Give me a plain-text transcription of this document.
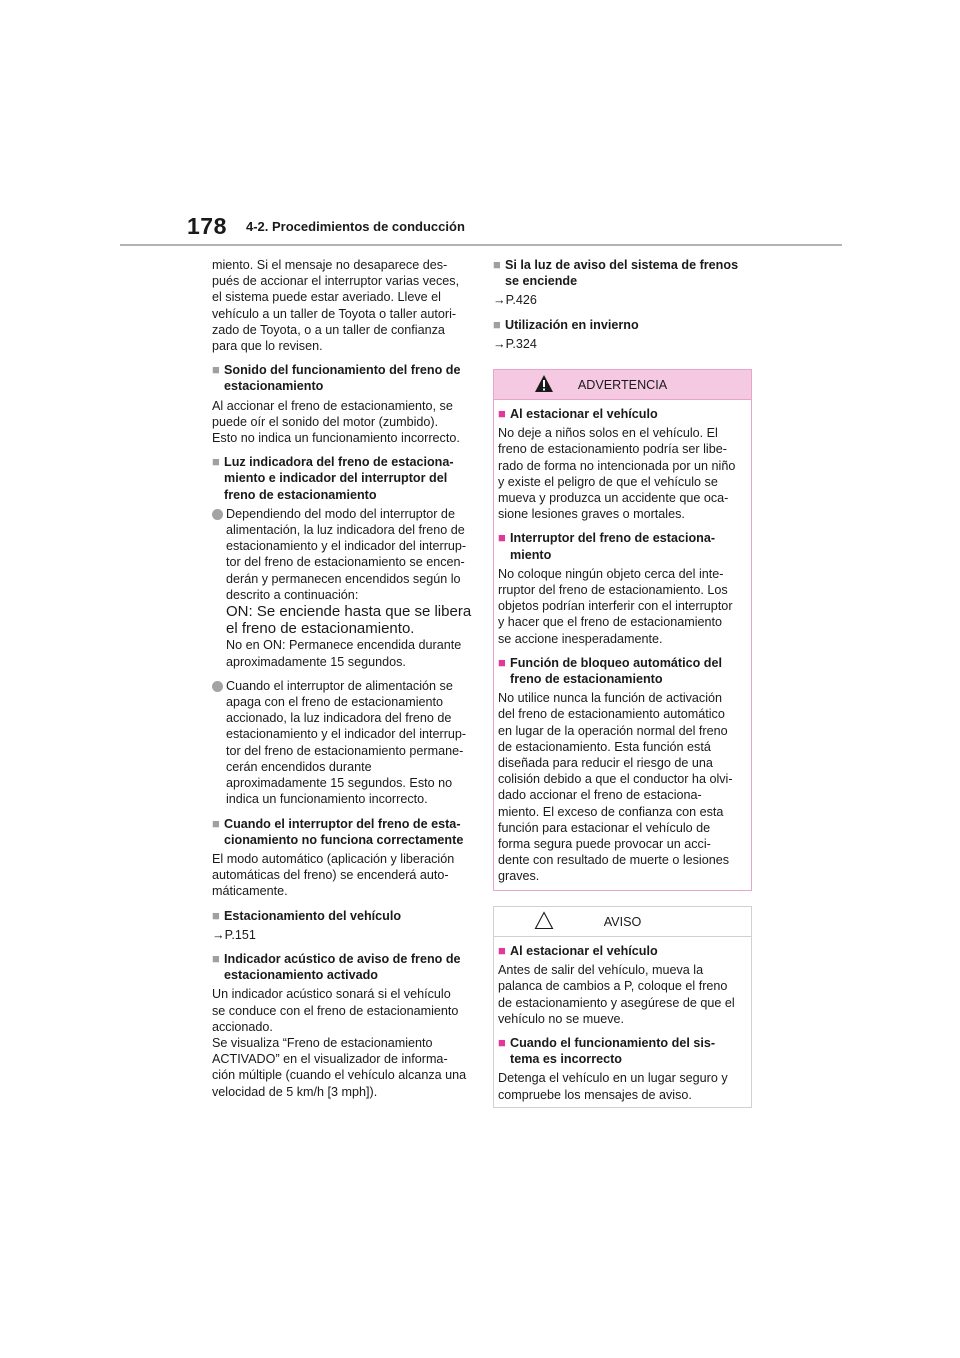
178 4-2. Procedimientos de conducción

miento. Si el mensaje no desaparece des-
pués de accionar el interruptor varias veces,
el sistema puede estar averiado. Lleve el
vehículo a un taller de Toyota o taller autori-
zado de Toyota, o a un taller de confianza
para que lo revisen.

■ Sonido del funcionamiento del freno de
estacionamiento

Al accionar el freno de estacionamiento, se
puede oír el sonido del motor (zumbido).
Esto no indica un funcionamiento incorrecto.

■ Luz indicadora del freno de estaciona-
miento e indicador del interruptor del
freno de estacionamiento
Dependiendo del modo del interruptor de
alimentación, la luz indicadora del freno de
estacionamiento y el indicador del interrup-
tor del freno de estacionamiento se encen-
derán y permanecen encendidos según lo
descrito a continuación:
ON: Se enciende hasta que se libera
el freno de estacionamiento.
No en ON: Permanece encendida durante
aproximadamente 15 segundos.
Cuando el interruptor de alimentación se
apaga con el freno de estacionamiento
accionado, la luz indicadora del freno de
estacionamiento y el indicador del interrup-
tor del freno de estacionamiento permane-
cerán encendidos durante
aproximadamente 15 segundos. Esto no
indica un funcionamiento incorrecto.
■ Cuando el interruptor del freno de esta-
cionamiento no funciona correctamente

El modo automático (aplicación y liberación
automáticas del freno) se encenderá auto-
máticamente.

■ Estacionamiento del vehículo

→P.151

■ Indicador acústico de aviso de freno de
estacionamiento activado

Un indicador acústico sonará si el vehículo
se conduce con el freno de estacionamiento
accionado.
Se visualiza “Freno de estacionamiento
ACTIVADO” en el visualizador de informa-
ción múltiple (cuando el vehículo alcanza una
velocidad de 5 km/h [3 mph]).

■ Si la luz de aviso del sistema de frenos
se enciende

→P.426

■ Utilización en invierno

→P.324

ADVERTENCIA
■ Al estacionar el vehículo

No deje a niños solos en el vehículo. El
freno de estacionamiento podría ser libe-
rado de forma no intencionada por un niño
y existe el peligro de que el vehículo se
mueva y produzca un accidente que oca-
sione lesiones graves o mortales.

■ Interruptor del freno de estaciona-
miento

No coloque ningún objeto cerca del inte-
rruptor del freno de estacionamiento. Los
objetos podrían interferir con el interruptor
y hacer que el freno de estacionamiento
se accione inesperadamente.

■ Función de bloqueo automático del
freno de estacionamiento

No utilice nunca la función de activación
del freno de estacionamiento automático
en lugar de la operación normal del freno
de estacionamiento. Esta función está
diseñada para reducir el riesgo de una
colisión debido a que el conductor ha olvi-
dado accionar el freno de estaciona-
miento. El exceso de confianza con esta
función para estacionar el vehículo de
forma segura puede provocar un acci-
dente con resultado de muerte o lesiones
graves.

AVISO
■ Al estacionar el vehículo

Antes de salir del vehículo, mueva la
palanca de cambios a P, coloque el freno
de estacionamiento y asegúrese de que el
vehículo no se mueve.

■ Cuando el funcionamiento del sis-
tema es incorrecto

Detenga el vehículo en un lugar seguro y
compruebe los mensajes de aviso.
